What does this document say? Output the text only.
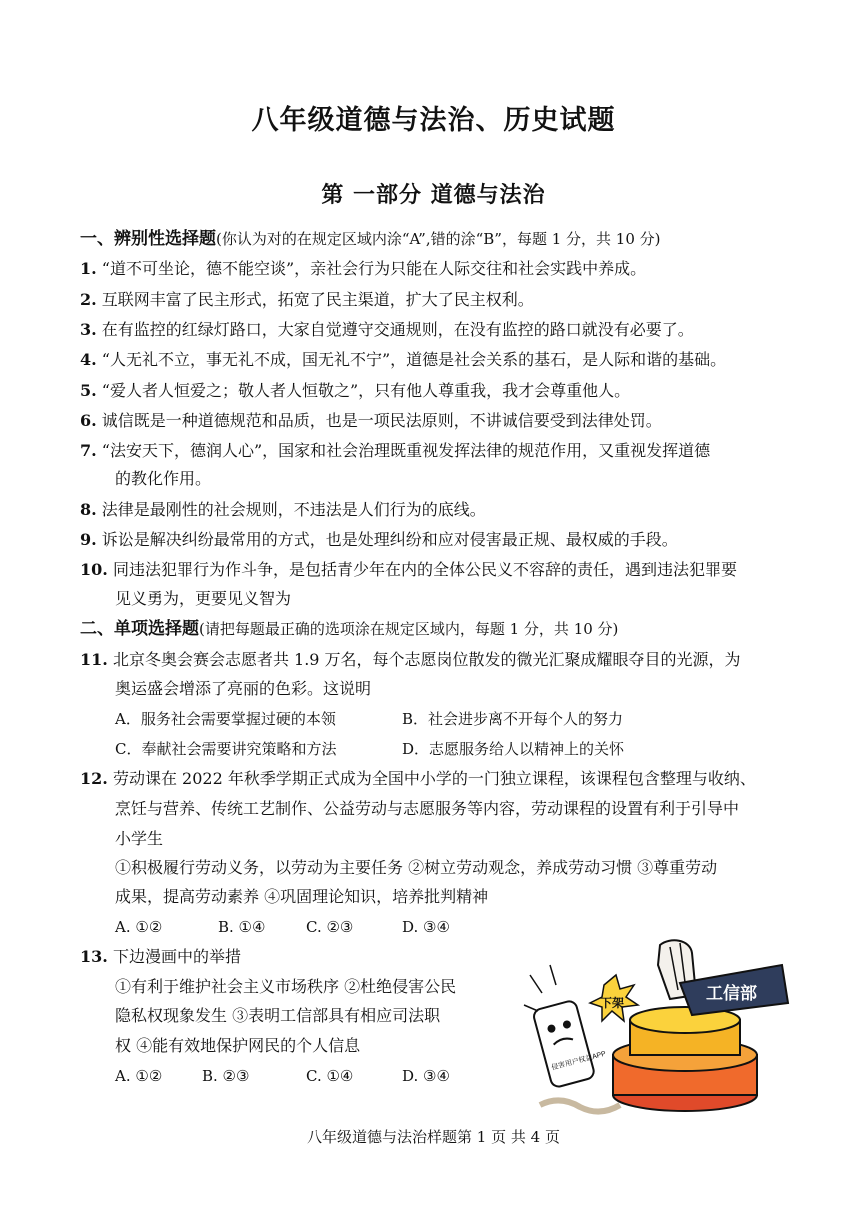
八年级道德与法治、历史试题
第 一部分 道德与法治
一、辨别性选择题(你认为对的在规定区域内涂“A”,错的涂“B”，每题 1 分，共 10 分)
1. “道不可坐论，德不能空谈”，亲社会行为只能在人际交往和社会实践中养成。
2. 互联网丰富了民主形式，拓宽了民主渠道，扩大了民主权利。
3. 在有监控的红绿灯路口，大家自觉遵守交通规则，在没有监控的路口就没有必要了。
4. “人无礼不立，事无礼不成，国无礼不宁”，道德是社会关系的基石，是人际和谐的基础。
5. “爱人者人恒爱之；敬人者人恒敬之”，只有他人尊重我，我才会尊重他人。
6. 诚信既是一种道德规范和品质，也是一项民法原则，不讲诚信要受到法律处罚。
7. “法安天下，德润人心”，国家和社会治理既重视发挥法律的规范作用，又重视发挥道德
的教化作用。
8. 法律是最刚性的社会规则，不违法是人们行为的底线。
9. 诉讼是解决纠纷最常用的方式，也是处理纠纷和应对侵害最正规、最权威的手段。
10. 同违法犯罪行为作斗争，是包括青少年在内的全体公民义不容辞的责任，遇到违法犯罪要
见义勇为，更要见义智为
二、单项选择题(请把每题最正确的选项涂在规定区域内，每题 1 分，共 10 分)
11. 北京冬奥会赛会志愿者共 1.9 万名，每个志愿岗位散发的微光汇聚成耀眼夺目的光源，为
奥运盛会增添了亮丽的色彩。这说明
A．服务社会需要掌握过硬的本领	B．社会进步离不开每个人的努力
C．奉献社会需要讲究策略和方法	D．志愿服务给人以精神上的关怀
12. 劳动课在 2022 年秋季学期正式成为全国中小学的一门独立课程，该课程包含整理与收纳、
烹饪与营养、传统工艺制作、公益劳动与志愿服务等内容，劳动课程的设置有利于引导中
小学生
①积极履行劳动义务，以劳动为主要任务 ②树立劳动观念，养成劳动习惯 ③尊重劳动
成果，提高劳动素养 ④巩固理论知识，培养批判精神
A. ①②	B. ①④	C. ②③	D. ③④
13. 下边漫画中的举措
①有利于维护社会主义市场秩序 ②杜绝侵害公民
隐私权现象发生 ③表明工信部具有相应司法职
权 ④能有效地保护网民的个人信息
A. ①②	B. ②③	C. ①④	D. ③④
工信部
下架
侵害用户权益APP
八年级道德与法治样题第 1 页 共 4 页
